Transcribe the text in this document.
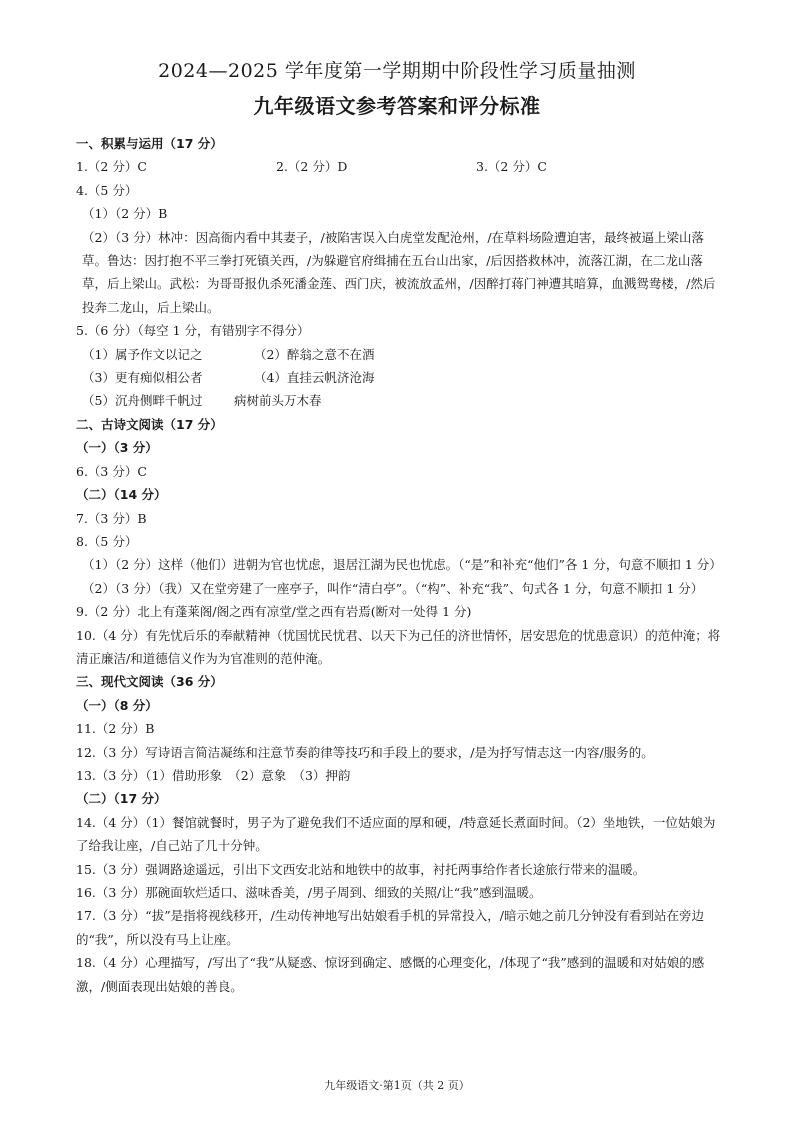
2024—2025 学年度第一学期期中阶段性学习质量抽测
九年级语文参考答案和评分标准
一、积累与运用（17 分）
1.（2 分）C	2.（2 分）D	3.（2 分）C
4.（5 分）
（1）（2 分）B
（2）（3 分）林冲：因高衙内看中其妻子，/被陷害误入白虎堂发配沧州，/在草料场险遭迫害，最终被逼上梁山落草。鲁达：因打抱不平三拳打死镇关西，/为躲避官府缉捕在五台山出家，/后因搭救林冲，流落江湖，在二龙山落草，后上梁山。武松：为哥哥报仇杀死潘金莲、西门庆，被流放孟州，/因醉打蒋门神遭其暗算，血溅鸳鸯楼，/然后投奔二龙山，后上梁山。
5.（6 分）（每空 1 分，有错别字不得分）
（1）属予作文以记之	（2）醉翁之意不在酒
（3）更有痴似相公者	（4）直挂云帆济沧海
（5）沉舟侧畔千帆过	病树前头万木春
二、古诗文阅读（17 分）
（一）（3 分）
6.（3 分）C
（二）（14 分）
7.（3 分）B
8.（5 分）
（1）（2 分）这样（他们）进朝为官也忧虑，退居江湖为民也忧虑。（“是”和补充“他们”各 1 分，句意不顺扣 1 分）
（2）（3 分）（我）又在堂旁建了一座亭子，叫作“清白亭”。（“构”、补充“我”、句式各 1 分，句意不顺扣 1 分）
9.（2 分）北上有蓬莱阁/阁之西有凉堂/堂之西有岩焉(断对一处得 1 分)
10.（4 分）有先忧后乐的奉献精神（忧国忧民忧君、以天下为己任的济世情怀，居安思危的忧患意识）的范仲淹；将清正廉洁/和道德信义作为为官准则的范仲淹。
三、现代文阅读（36 分）
（一）（8 分）
11.（2 分）B
12.（3 分）写诗语言简洁凝练和注意节奏韵律等技巧和手段上的要求，/是为抒写情志这一内容/服务的。
13.（3 分）（1）借助形象　（2）意象　（3）押韵
（二）（17 分）
14.（4 分）（1）餐馆就餐时，男子为了避免我们不适应面的厚和硬，/特意延长煮面时间。（2）坐地铁，一位姑娘为了给我让座，/自己站了几十分钟。
15.（3 分）强调路途遥远，引出下文西安北站和地铁中的故事，衬托两事给作者长途旅行带来的温暖。
16.（3 分）那碗面软烂适口、滋味香美，/男子周到、细致的关照/让“我”感到温暖。
17.（3 分）“拔”是指将视线移开，/生动传神地写出姑娘看手机的异常投入，/暗示她之前几分钟没有看到站在旁边的“我”，所以没有马上让座。
18.（4 分）心理描写，/写出了“我”从疑惑、惊讶到确定、感慨的心理变化，/体现了“我”感到的温暖和对姑娘的感激，/侧面表现出姑娘的善良。
九年级语文·第1页（共 2 页）
